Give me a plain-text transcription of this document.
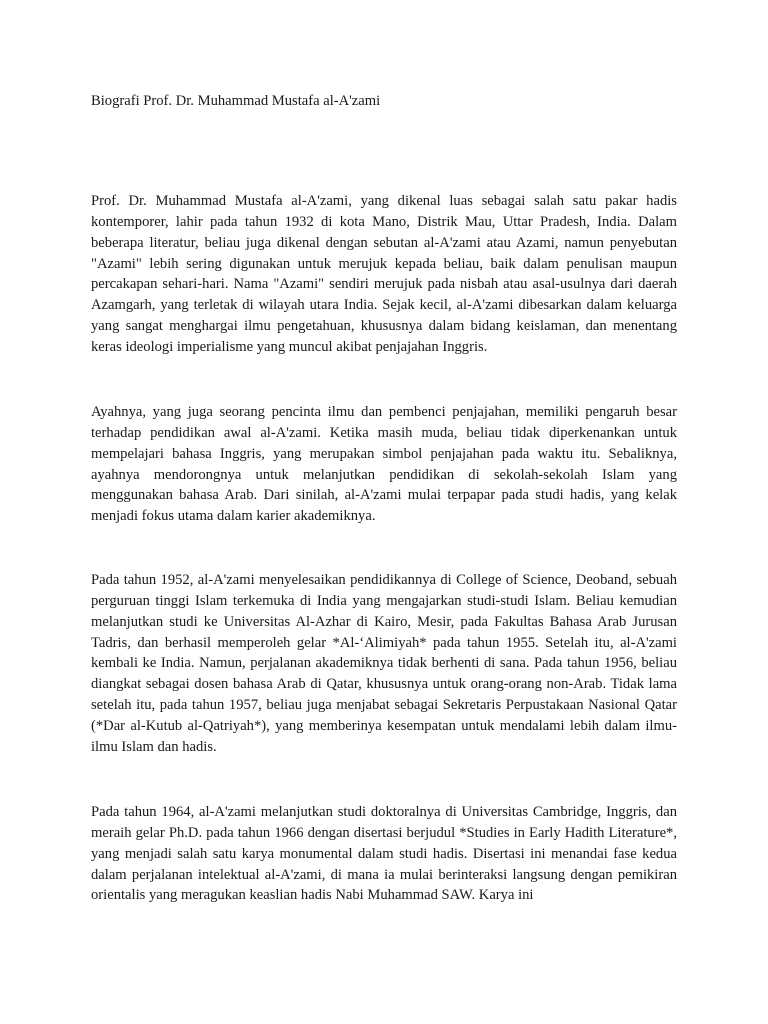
Biografi Prof. Dr. Muhammad Mustafa al-A'zami

Prof. Dr. Muhammad Mustafa al-A'zami, yang dikenal luas sebagai salah satu pakar hadis kontemporer, lahir pada tahun 1932 di kota Mano, Distrik Mau, Uttar Pradesh, India. Dalam beberapa literatur, beliau juga dikenal dengan sebutan al-A'zami atau Azami, namun penyebutan "Azami" lebih sering digunakan untuk merujuk kepada beliau, baik dalam penulisan maupun percakapan sehari-hari. Nama "Azami" sendiri merujuk pada nisbah atau asal-usulnya dari daerah Azamgarh, yang terletak di wilayah utara India. Sejak kecil, al-A'zami dibesarkan dalam keluarga yang sangat menghargai ilmu pengetahuan, khususnya dalam bidang keislaman, dan menentang keras ideologi imperialisme yang muncul akibat penjajahan Inggris.

Ayahnya, yang juga seorang pencinta ilmu dan pembenci penjajahan, memiliki pengaruh besar terhadap pendidikan awal al-A'zami. Ketika masih muda, beliau tidak diperkenankan untuk mempelajari bahasa Inggris, yang merupakan simbol penjajahan pada waktu itu. Sebaliknya, ayahnya mendorongnya untuk melanjutkan pendidikan di sekolah-sekolah Islam yang menggunakan bahasa Arab. Dari sinilah, al-A'zami mulai terpapar pada studi hadis, yang kelak menjadi fokus utama dalam karier akademiknya.

Pada tahun 1952, al-A'zami menyelesaikan pendidikannya di College of Science, Deoband, sebuah perguruan tinggi Islam terkemuka di India yang mengajarkan studi-studi Islam. Beliau kemudian melanjutkan studi ke Universitas Al-Azhar di Kairo, Mesir, pada Fakultas Bahasa Arab Jurusan Tadris, dan berhasil memperoleh gelar *Al-‘Alimiyah* pada tahun 1955. Setelah itu, al-A'zami kembali ke India. Namun, perjalanan akademiknya tidak berhenti di sana. Pada tahun 1956, beliau diangkat sebagai dosen bahasa Arab di Qatar, khususnya untuk orang-orang non-Arab. Tidak lama setelah itu, pada tahun 1957, beliau juga menjabat sebagai Sekretaris Perpustakaan Nasional Qatar (*Dar al-Kutub al-Qatriyah*), yang memberinya kesempatan untuk mendalami lebih dalam ilmu-ilmu Islam dan hadis.

Pada tahun 1964, al-A'zami melanjutkan studi doktoralnya di Universitas Cambridge, Inggris, dan meraih gelar Ph.D. pada tahun 1966 dengan disertasi berjudul *Studies in Early Hadith Literature*, yang menjadi salah satu karya monumental dalam studi hadis. Disertasi ini menandai fase kedua dalam perjalanan intelektual al-A'zami, di mana ia mulai berinteraksi langsung dengan pemikiran orientalis yang meragukan keaslian hadis Nabi Muhammad SAW. Karya ini
